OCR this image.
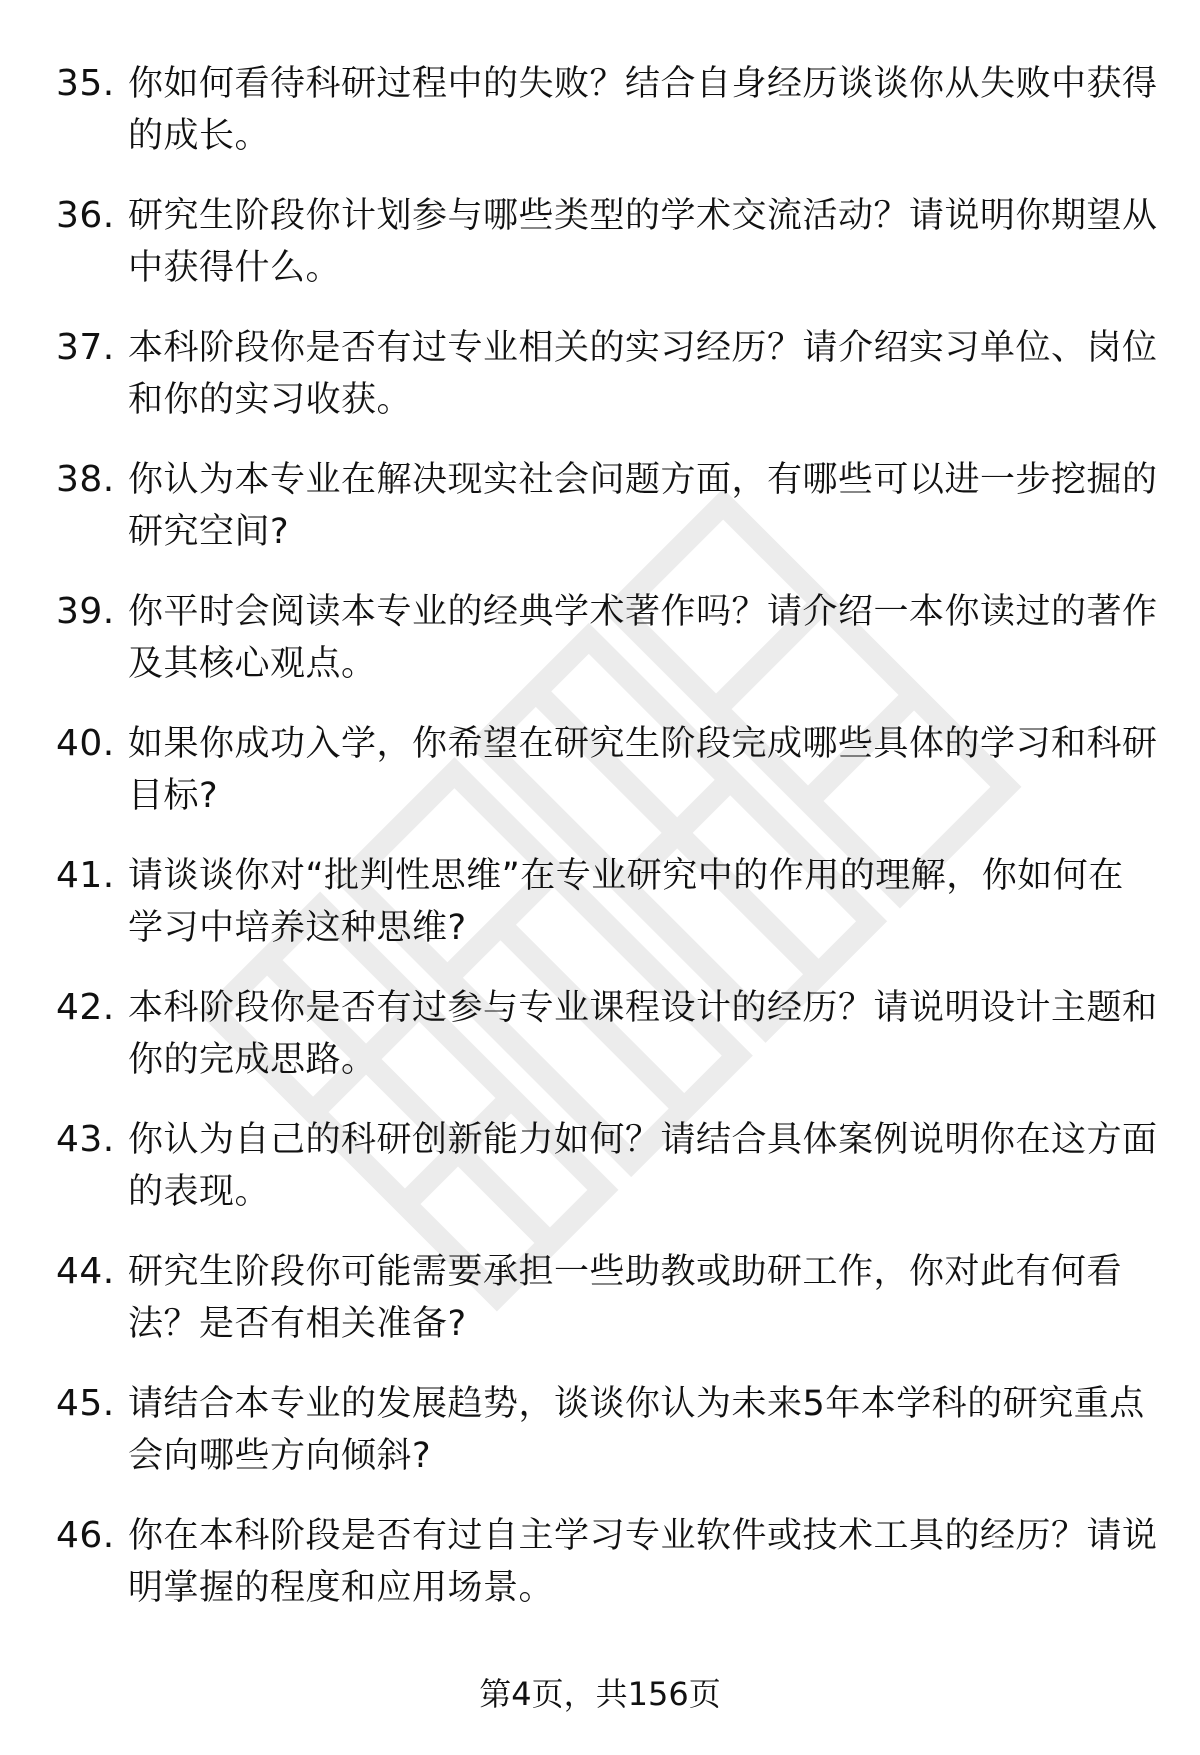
35. 你如何看待科研过程中的失败？结合自身经历谈谈你从失败中获得的成长。
36. 研究生阶段你计划参与哪些类型的学术交流活动？请说明你期望从中获得什么。
37. 本科阶段你是否有过专业相关的实习经历？请介绍实习单位、岗位和你的实习收获。
38. 你认为本专业在解决现实社会问题方面，有哪些可以进一步挖掘的研究空间?
39. 你平时会阅读本专业的经典学术著作吗？请介绍一本你读过的著作及其核心观点。
40. 如果你成功入学，你希望在研究生阶段完成哪些具体的学习和科研目标?
41. 请谈谈你对“批判性思维”在专业研究中的作用的理解，你如何在学习中培养这种思维?
42. 本科阶段你是否有过参与专业课程设计的经历？请说明设计主题和你的完成思路。
43. 你认为自己的科研创新能力如何？请结合具体案例说明你在这方面的表现。
44. 研究生阶段你可能需要承担一些助教或助研工作，你对此有何看法？是否有相关准备?
45. 请结合本专业的发展趋势，谈谈你认为未来5年本学科的研究重点会向哪些方向倾斜?
46. 你在本科阶段是否有过自主学习专业软件或技术工具的经历？请说明掌握的程度和应用场景。
第4页，共156页
